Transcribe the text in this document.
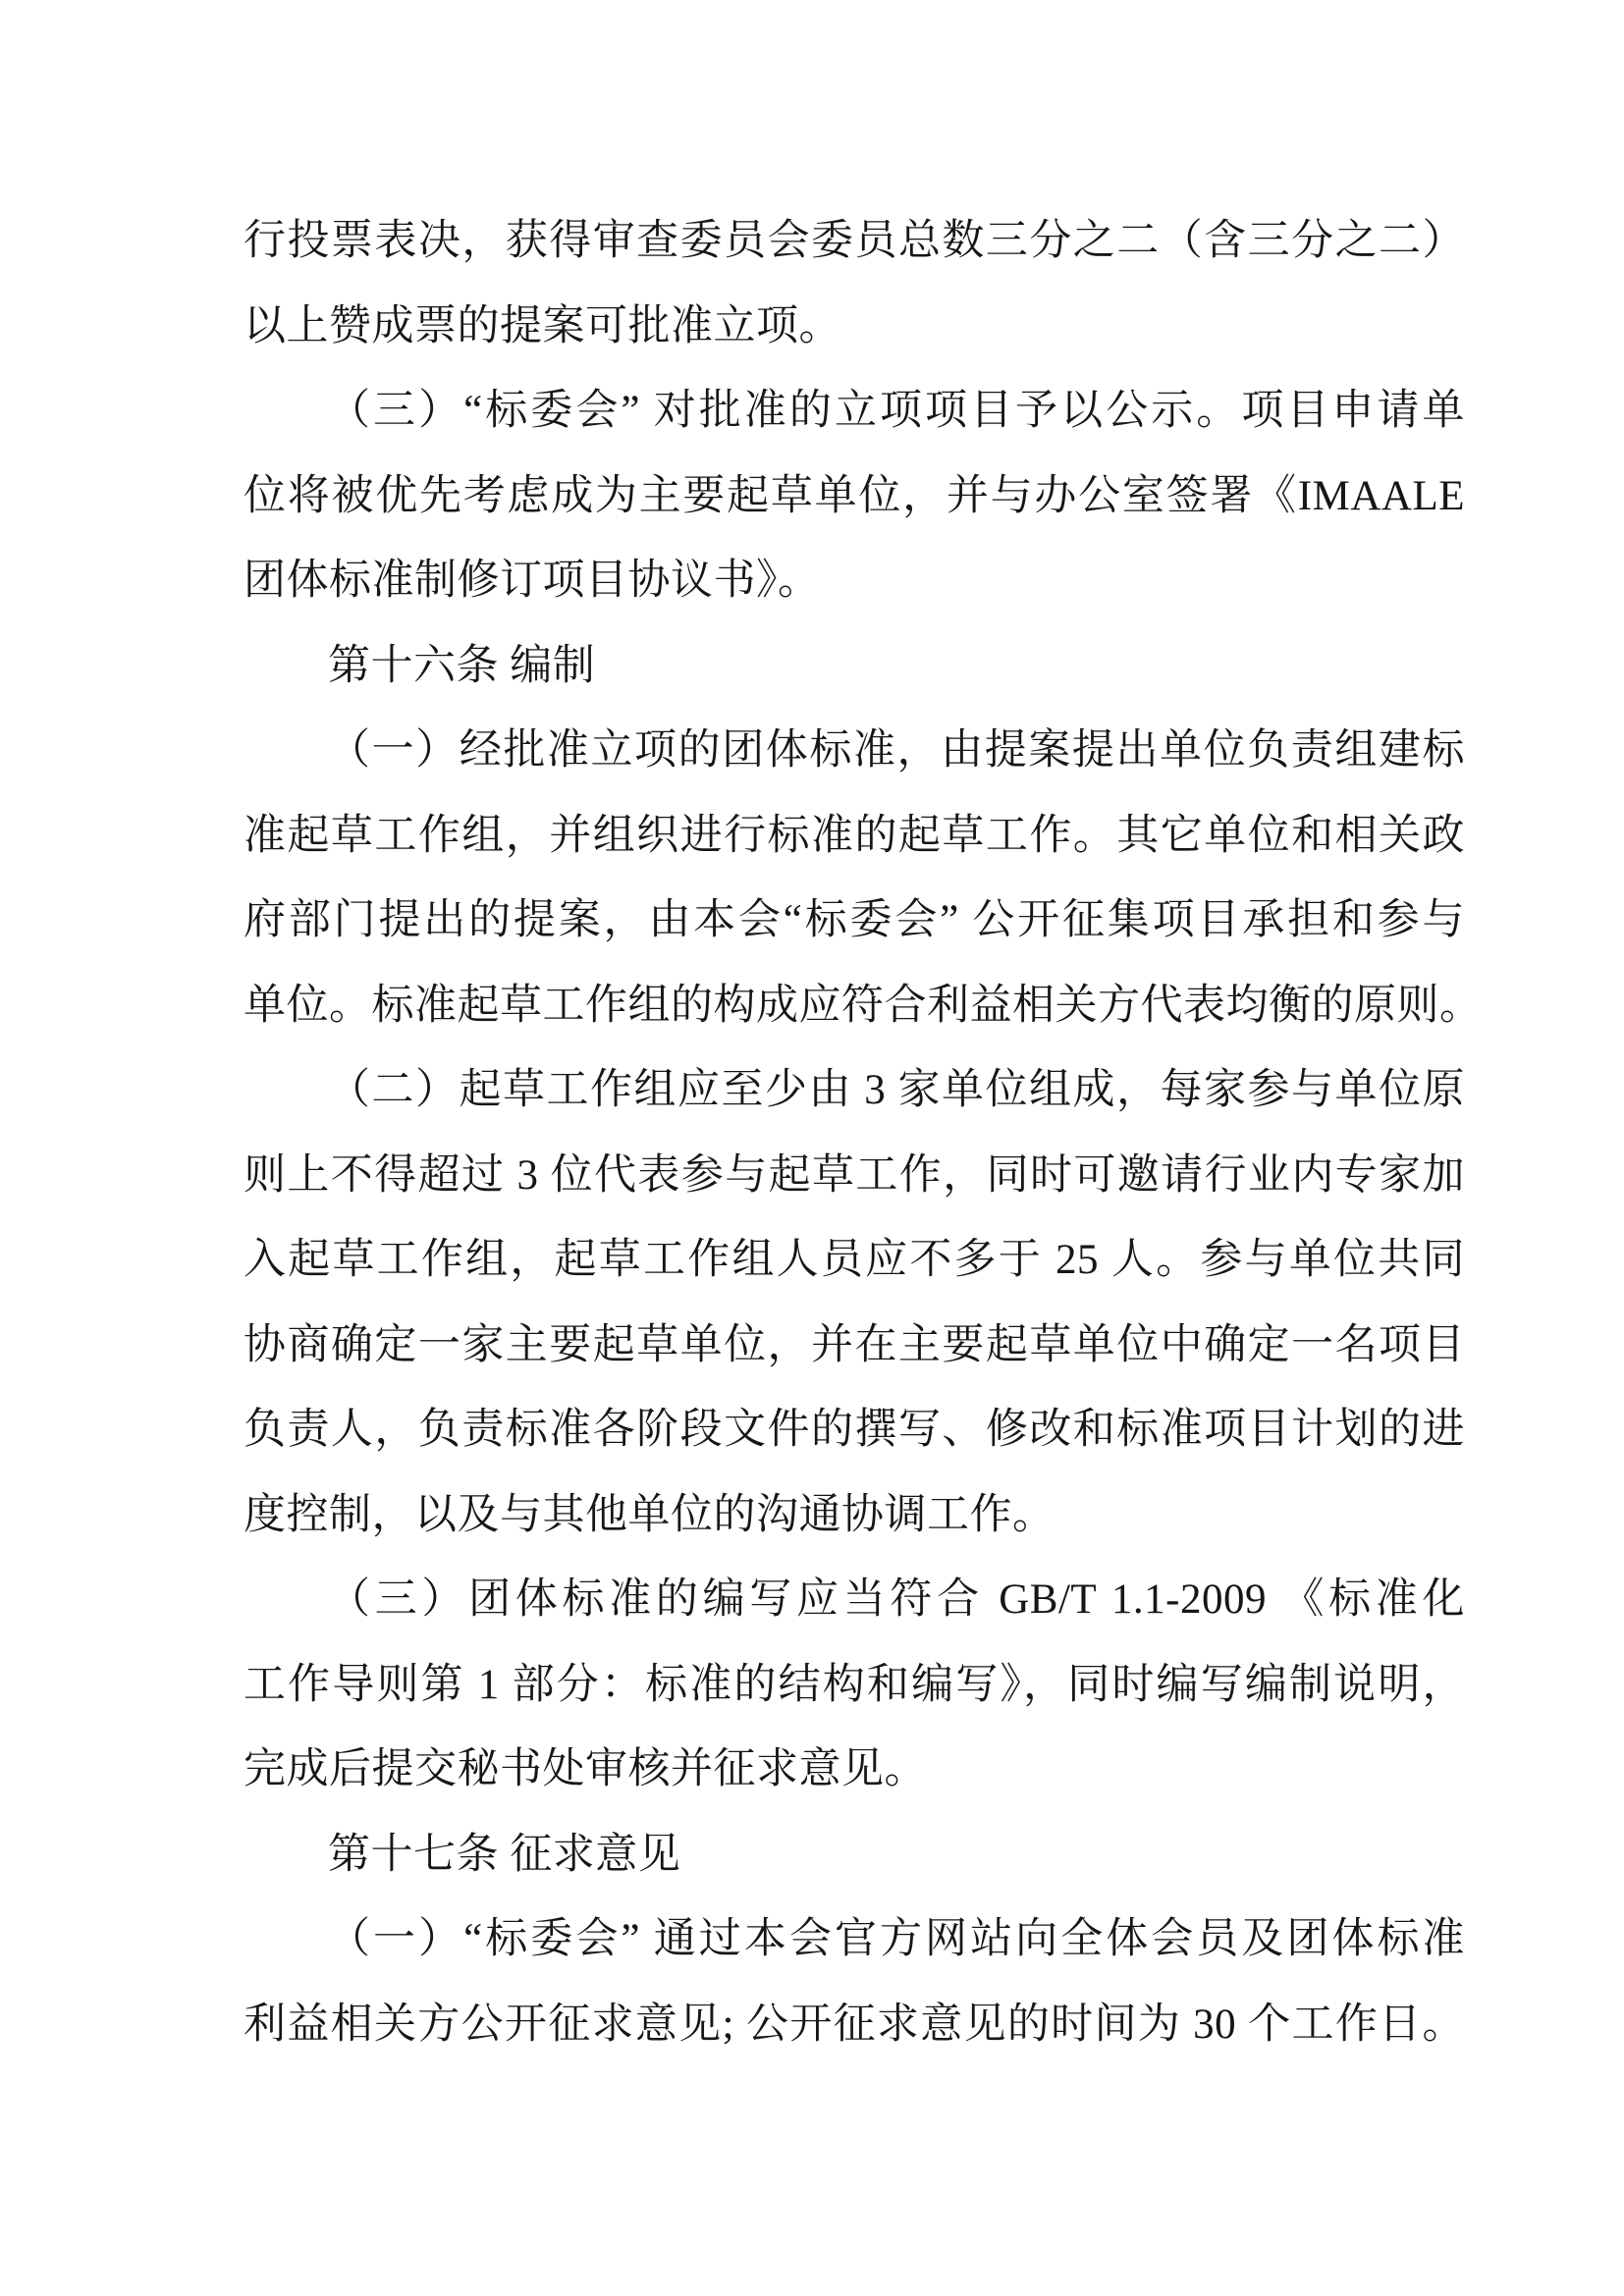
行投票表决，获得审查委员会委员总数三分之二（含三分之二）
以上赞成票的提案可批准立项。
（三）“标委会” 对批准的立项项目予以公示。项目申请单
位将被优先考虑成为主要起草单位，并与办公室签署《IMAALE
团体标准制修订项目协议书》。
第十六条 编制
（一）经批准立项的团体标准，由提案提出单位负责组建标
准起草工作组，并组织进行标准的起草工作。其它单位和相关政
府部门提出的提案，由本会“标委会” 公开征集项目承担和参与
单位。标准起草工作组的构成应符合利益相关方代表均衡的原则。
（二）起草工作组应至少由 3 家单位组成，每家参与单位原
则上不得超过 3 位代表参与起草工作，同时可邀请行业内专家加
入起草工作组，起草工作组人员应不多于 25 人。参与单位共同
协商确定一家主要起草单位，并在主要起草单位中确定一名项目
负责人，负责标准各阶段文件的撰写、修改和标准项目计划的进
度控制，以及与其他单位的沟通协调工作。
（三）团体标准的编写应当符合 GB/T 1.1-2009 《标准化
工作导则第 1 部分：标准的结构和编写》，同时编写编制说明，
完成后提交秘书处审核并征求意见。
第十七条 征求意见
（一）“标委会” 通过本会官方网站向全体会员及团体标准
利益相关方公开征求意见; 公开征求意见的时间为 30 个工作日。
